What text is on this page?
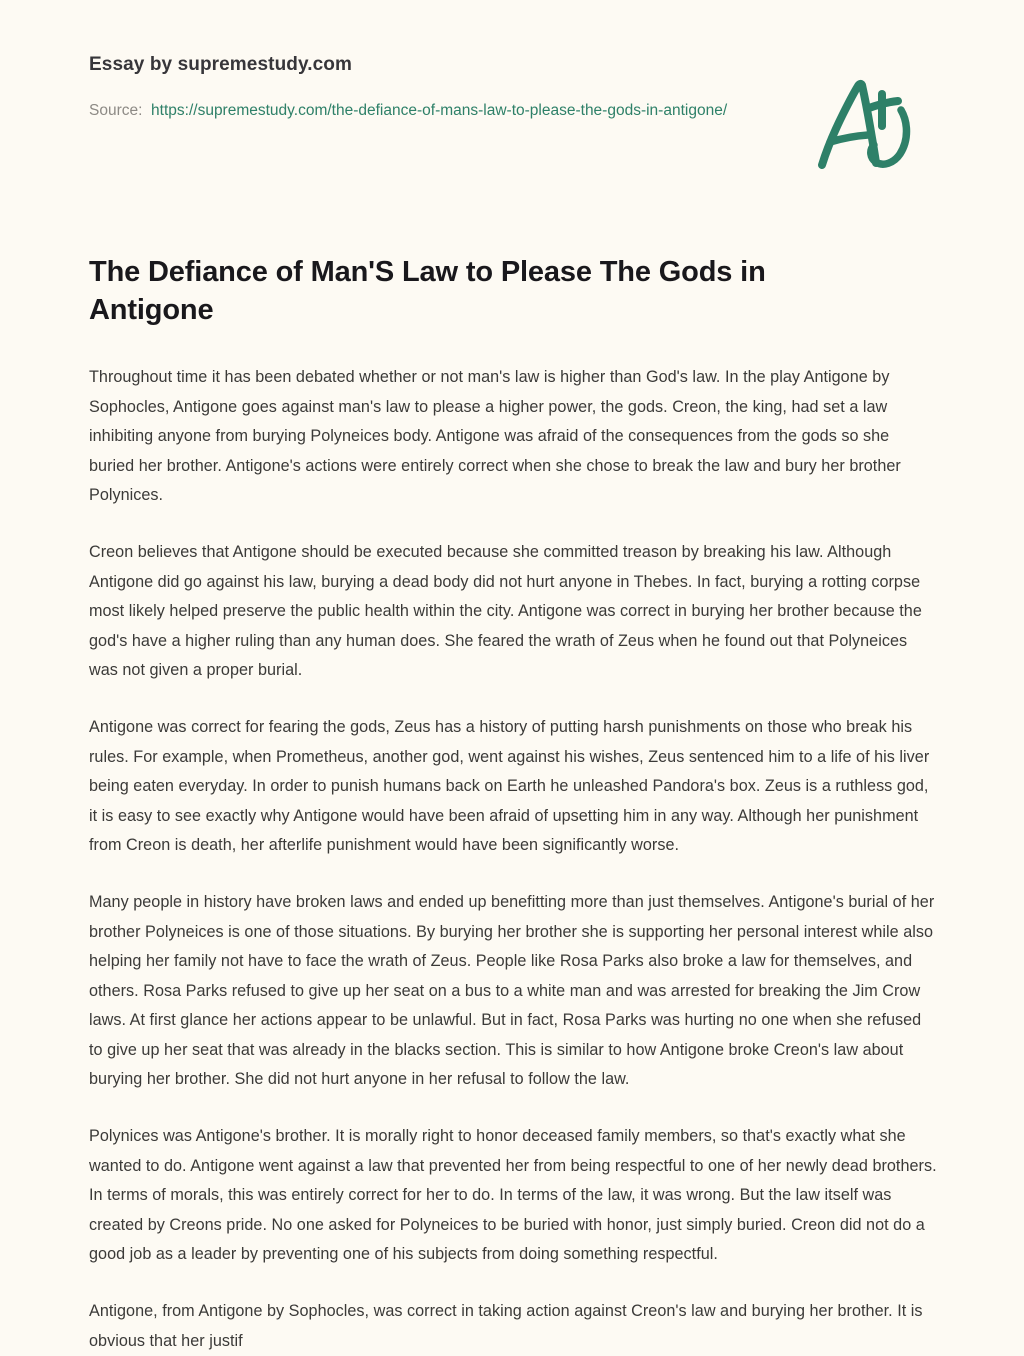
Essay by supremestudy.com

Source: https://supremestudy.com/the-defiance-of-mans-law-to-please-the-gods-in-antigone/

The Defiance of Man'S Law to Please The Gods in Antigone

Throughout time it has been debated whether or not man's law is higher than God's law. In the play Antigone by Sophocles, Antigone goes against man's law to please a higher power, the gods. Creon, the king, had set a law inhibiting anyone from burying Polyneices body. Antigone was afraid of the consequences from the gods so she buried her brother. Antigone's actions were entirely correct when she chose to break the law and bury her brother Polynices.

Creon believes that Antigone should be executed because she committed treason by breaking his law. Although Antigone did go against his law, burying a dead body did not hurt anyone in Thebes. In fact, burying a rotting corpse most likely helped preserve the public health within the city. Antigone was correct in burying her brother because the god's have a higher ruling than any human does. She feared the wrath of Zeus when he found out that Polyneices was not given a proper burial.

Antigone was correct for fearing the gods, Zeus has a history of putting harsh punishments on those who break his rules. For example, when Prometheus, another god, went against his wishes, Zeus sentenced him to a life of his liver being eaten everyday. In order to punish humans back on Earth he unleashed Pandora's box. Zeus is a ruthless god, it is easy to see exactly why Antigone would have been afraid of upsetting him in any way. Although her punishment from Creon is death, her afterlife punishment would have been significantly worse.

Many people in history have broken laws and ended up benefitting more than just themselves. Antigone's burial of her brother Polyneices is one of those situations. By burying her brother she is supporting her personal interest while also helping her family not have to face the wrath of Zeus. People like Rosa Parks also broke a law for themselves, and others. Rosa Parks refused to give up her seat on a bus to a white man and was arrested for breaking the Jim Crow laws. At first glance her actions appear to be unlawful. But in fact, Rosa Parks was hurting no one when she refused to give up her seat that was already in the blacks section. This is similar to how Antigone broke Creon's law about burying her brother. She did not hurt anyone in her refusal to follow the law.

Polynices was Antigone's brother. It is morally right to honor deceased family members, so that's exactly what she wanted to do. Antigone went against a law that prevented her from being respectful to one of her newly dead brothers. In terms of morals, this was entirely correct for her to do. In terms of the law, it was wrong. But the law itself was created by Creons pride. No one asked for Polyneices to be buried with honor, just simply buried. Creon did not do a good job as a leader by preventing one of his subjects from doing something respectful.

Antigone, from Antigone by Sophocles, was correct in taking action against Creon's law and burying her brother. It is obvious that her justif
